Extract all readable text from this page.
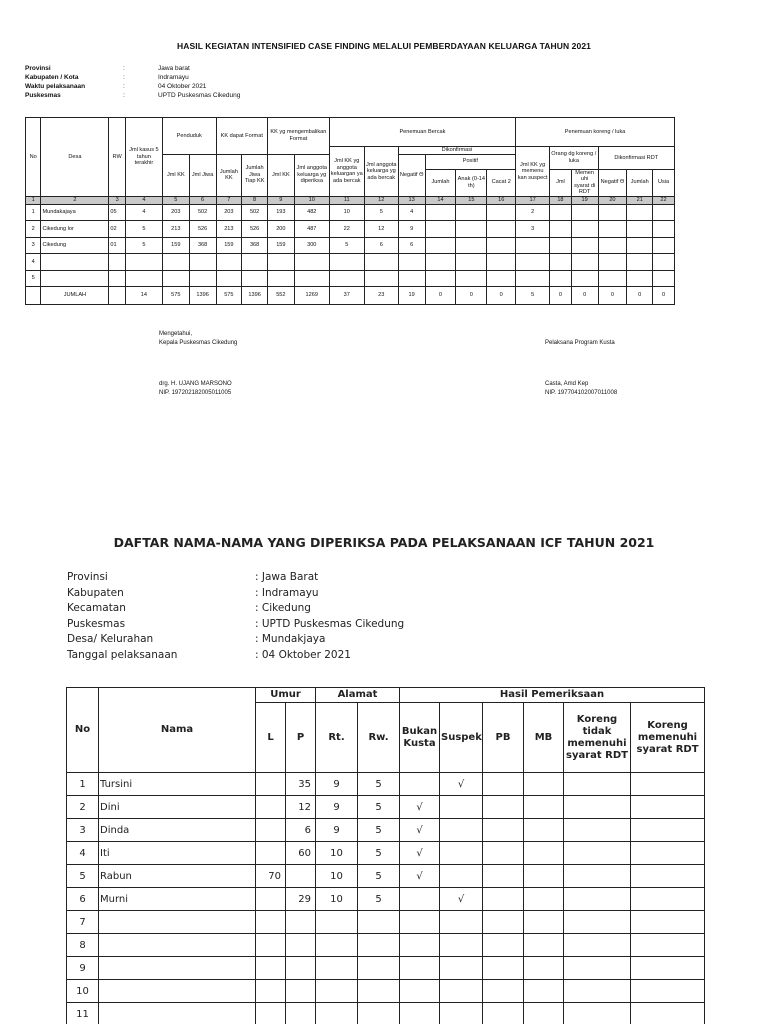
HASIL KEGIATAN INTENSIFIED CASE FINDING MELALUI PEMBERDAYAAN KELUARGA TAHUN 2021
Provinsi	:	Jawa barat
Kabupaten / Kota	:	Indramayu
Waktu pelaksanaan	:	04 Oktober 2021
Puskesmas	:	UPTD Puskesmas Cikedung
No	Desa	RW	Jml kasus 5 tahun terakhir	Penduduk		KK dapat Format		KK yg mengembalikan Format		Penemuan Bercak						Penemuan koreng / luka					
										Jml KK yg anggota keluargan ya ada bercak	Jml anggota keluarga yg ada bercak	Dikonfirmasi				Jml KK yg memenu kan suspect	Orang dg koreng / luka		Dikonfirmasi RDT		
				Jml KK	Jml Jiwa	Jumlah KK	Jumlah Jiwa Tiap KK	Jml KK	Jml anggota keluarga yg diperiksa			Negatif Θ	Positif								
													Jumlah	Anak (0-14 th)	Cacat 2		Jml	Memen uhi syarat di RDT	Negatif Θ	Jumlah	Usia
1	2	3	4	5	6	7	8	9	10	11	12	13	14	15	16	17	18	19	20	21	22
1	Mundakajaya	05	4	203	502	203	502	193	482	10	5	4				2					
2	Cikedung lor	02	5	213	526	213	526	200	487	22	12	9				3					
3	Cikedung	01	5	159	368	159	368	159	300	5	6	6									
4																					
5																					
	JUMLAH		14	575	1396	575	1396	552	1269	37	23	19	0	0	0	5	0	0	0	0	0
Mengetahui,
Kepala Puskesmas Cikedung
drg. H. UJANG MARSONO
NIP. 197202182005011005
Pelaksana Program Kusta
Casta, Amd Kep
NIP. 197704102007011008
DAFTAR NAMA-NAMA YANG DIPERIKSA PADA PELAKSANAAN ICF TAHUN 2021
Provinsi	: Jawa Barat
Kabupaten	: Indramayu
Kecamatan	: Cikedung
Puskesmas	: UPTD Puskesmas Cikedung
Desa/ Kelurahan	: Mundakjaya
Tanggal pelaksanaan	: 04 Oktober 2021
No	Nama	Umur		Alamat		Hasil Pemeriksaan					
		L	P	Rt.	Rw.	Bukan Kusta	Suspek	PB	MB	Koreng tidak memenuhi syarat RDT	Koreng memenuhi syarat RDT
1	Tursini		35	9	5		√				
2	Dini		12	9	5	√					
3	Dinda		6	9	5	√					
4	Iti		60	10	5	√					
5	Rabun	70		10	5	√					
6	Murni		29	10	5		√				
7											
8											
9											
10											
11											
